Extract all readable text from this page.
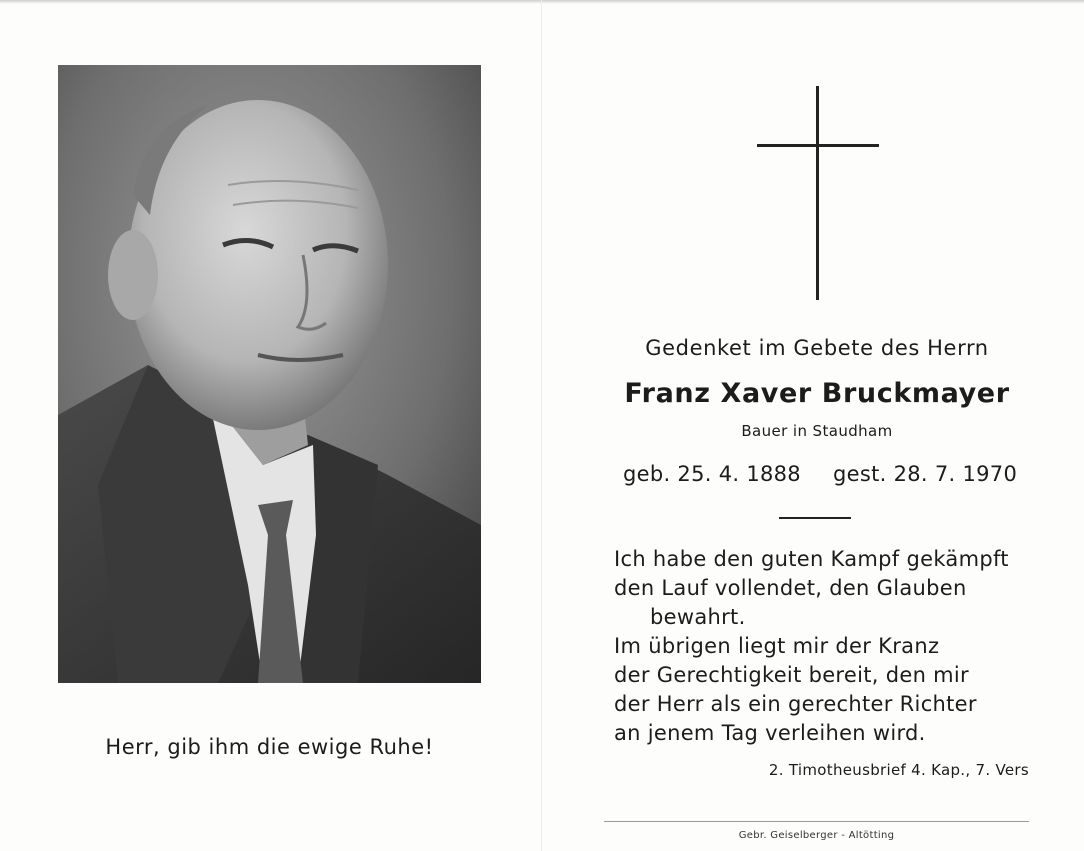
Herr, gib ihm die ewige Ruhe!
Gedenket im Gebete des Herrn
Franz Xaver Bruckmayer
Bauer in Staudham
geb. 25. 4. 1888 gest. 28. 7. 1970
Ich habe den guten Kampf gekämpft
den Lauf vollendet, den Glauben
bewahrt.
Im übrigen liegt mir der Kranz
der Gerechtigkeit bereit, den mir
der Herr als ein gerechter Richter
an jenem Tag verleihen wird.
2. Timotheusbrief 4. Kap., 7. Vers
Gebr. Geiselberger - Altötting
